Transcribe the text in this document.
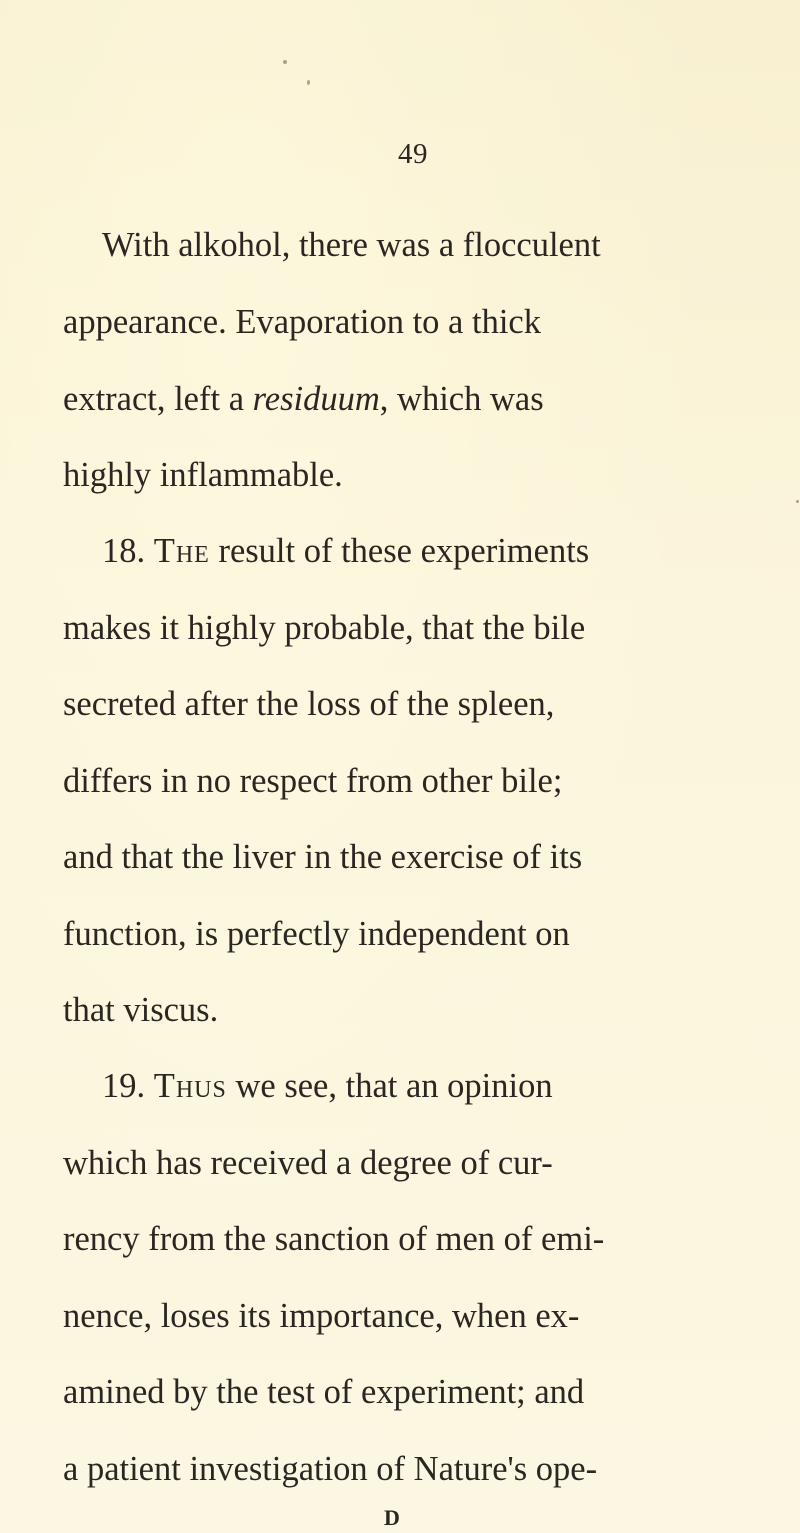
49
With alkohol, there was a flocculent
appearance. Evaporation to a thick
extract, left a residuum, which was
highly inflammable.
18. The result of these experiments
makes it highly probable, that the bile
secreted after the loss of the spleen,
differs in no respect from other bile;
and that the liver in the exercise of its
function, is perfectly independent on
that viscus.
19. Thus we see, that an opinion
which has received a degree of cur-
rency from the sanction of men of emi-
nence, loses its importance, when ex-
amined by the test of experiment; and
a patient investigation of Nature's ope-
D
